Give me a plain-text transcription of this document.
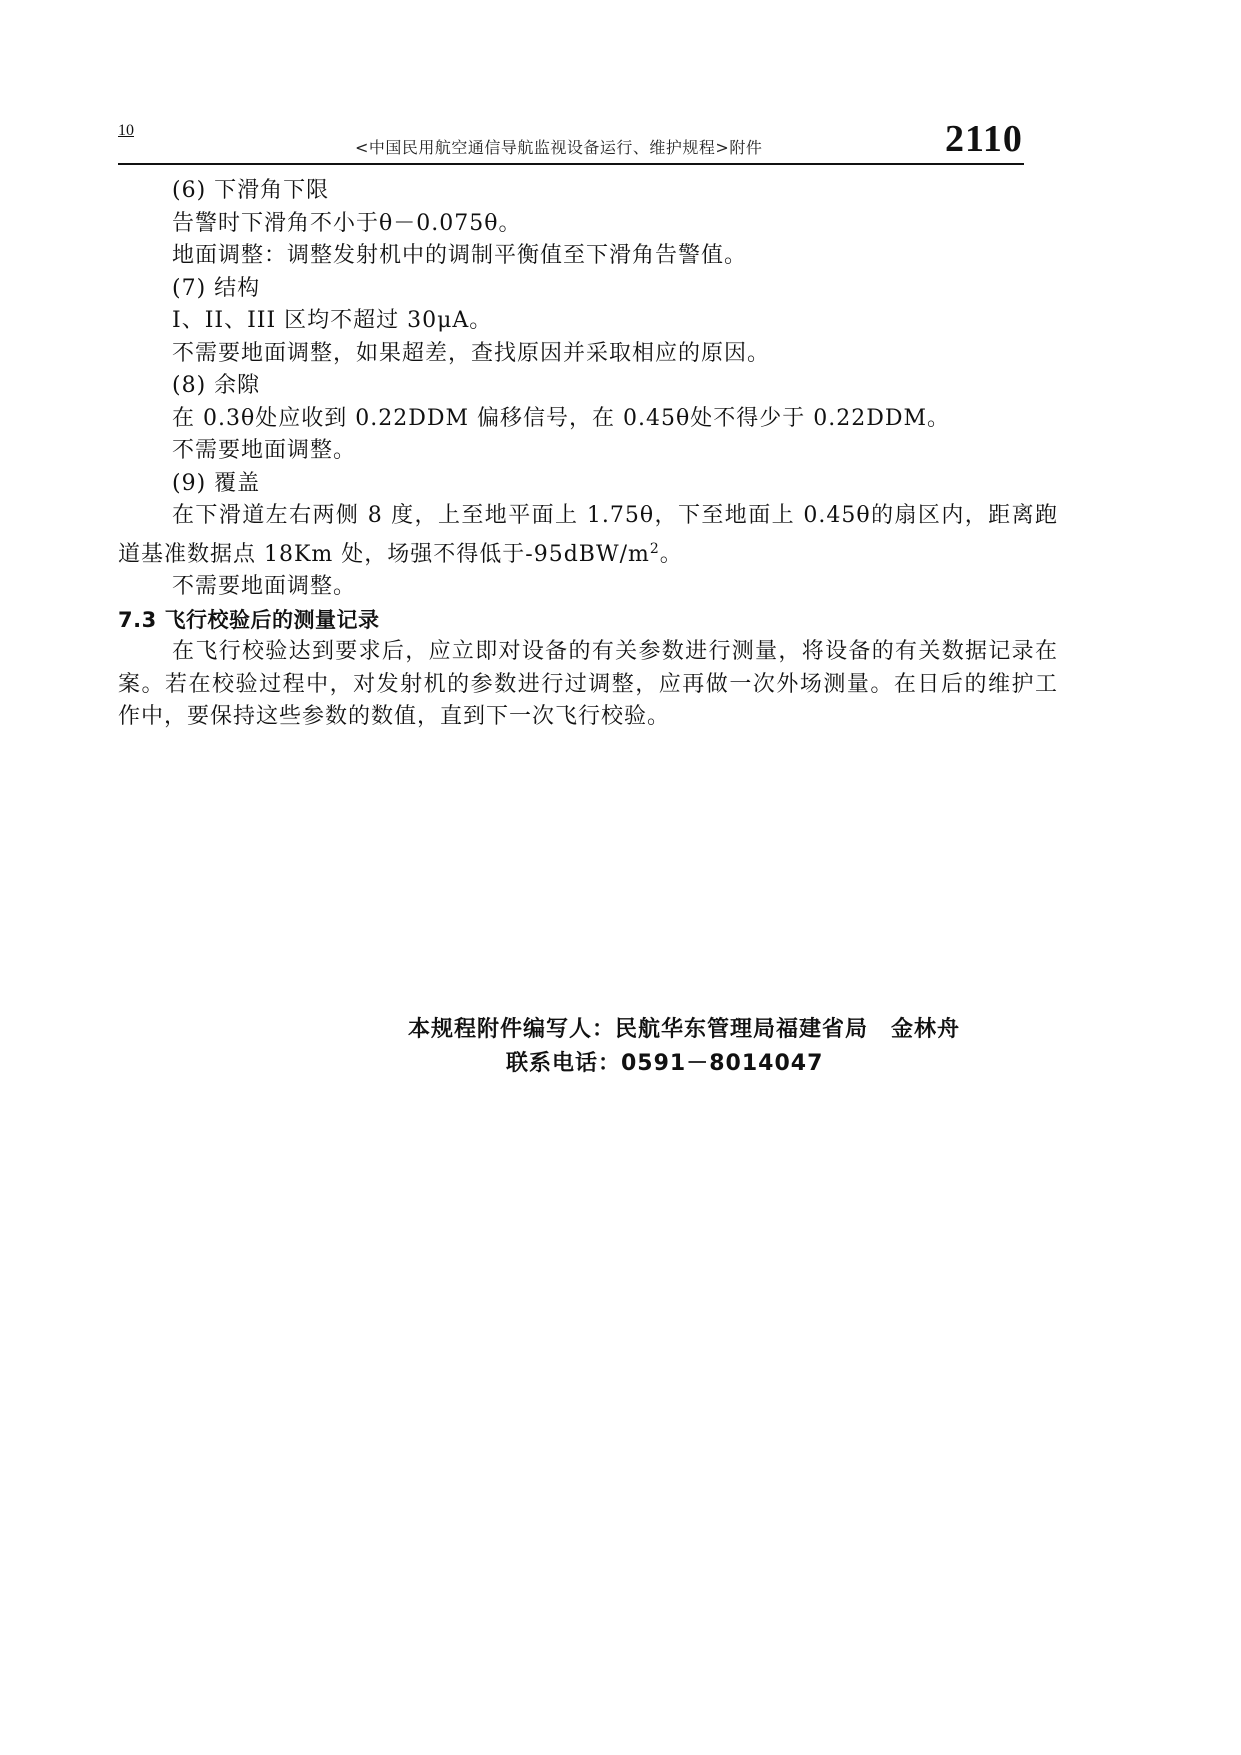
10
<中国民用航空通信导航监视设备运行、维护规程>附件	2110

(6) 下滑角下限

告警时下滑角不小于θ－0.075θ。

地面调整：调整发射机中的调制平衡值至下滑角告警值。

(7) 结构

I、II、III 区均不超过 30μA。

不需要地面调整，如果超差，查找原因并采取相应的原因。

(8) 余隙

在 0.3θ处应收到 0.22DDM 偏移信号，在 0.45θ处不得少于 0.22DDM。

不需要地面调整。

(9) 覆盖

在下滑道左右两侧 8 度，上至地平面上 1.75θ，下至地面上 0.45θ的扇区内，距离跑道基准数据点 18Km 处，场强不得低于$-95dBW/m^2$。

不需要地面调整。

7.3 飞行校验后的测量记录

在飞行校验达到要求后，应立即对设备的有关参数进行测量，将设备的有关数据记录在案。若在校验过程中，对发射机的参数进行过调整，应再做一次外场测量。在日后的维护工作中，要保持这些参数的数值，直到下一次飞行校验。

本规程附件编写人：民航华东管理局福建省局　金林舟
联系电话：0591－8014047
